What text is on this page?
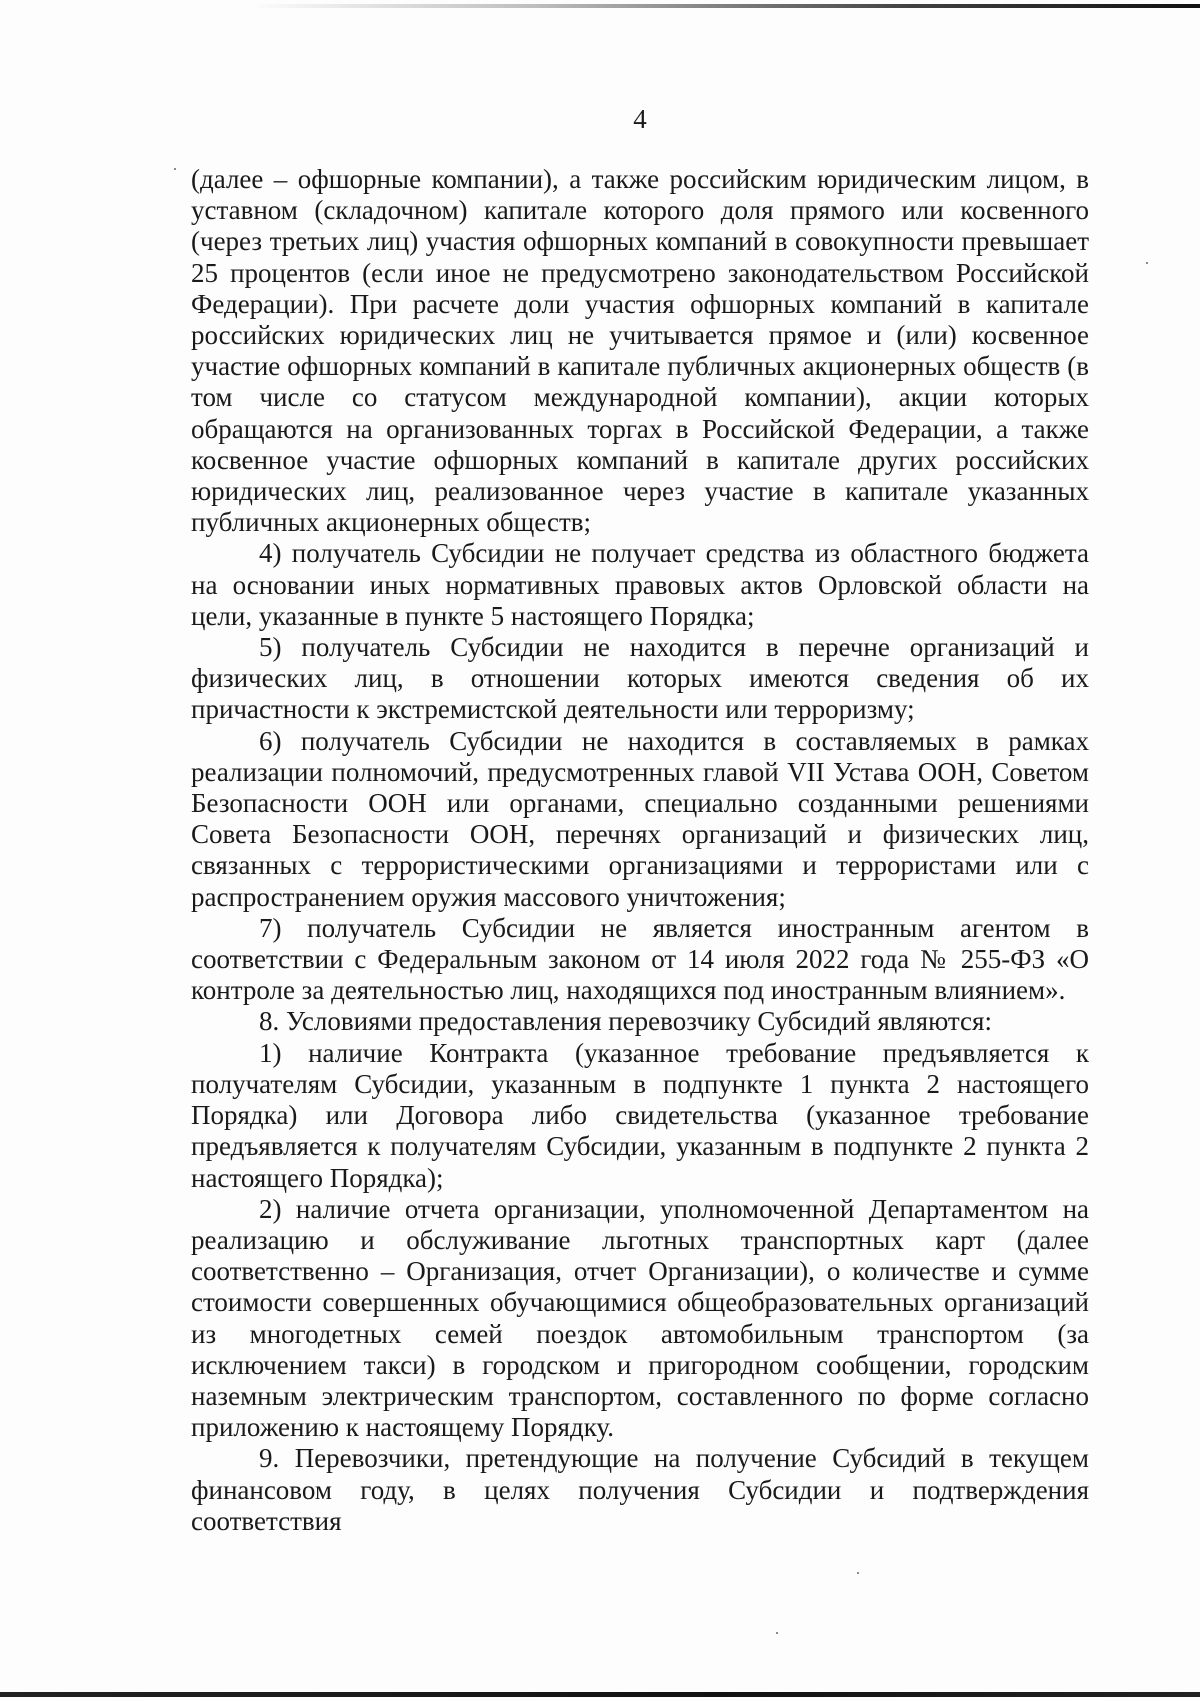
4

(далее – офшорные компании), а также российским юридическим лицом, в уставном (складочном) капитале которого доля прямого или косвенного (через третьих лиц) участия офшорных компаний в совокупности превышает 25 процентов (если иное не предусмотрено законодательством Российской Федерации). При расчете доли участия офшорных компаний в капитале российских юридических лиц не учитывается прямое и (или) косвенное участие офшорных компаний в капитале публичных акционерных обществ (в том числе со статусом международной компании), акции которых обращаются на организованных торгах в Российской Федерации, а также косвенное участие офшорных компаний в капитале других российских юридических лиц, реализованное через участие в капитале указанных публичных акционерных обществ;

4) получатель Субсидии не получает средства из областного бюджета на основании иных нормативных правовых актов Орловской области на цели, указанные в пункте 5 настоящего Порядка;

5) получатель Субсидии не находится в перечне организаций и физических лиц, в отношении которых имеются сведения об их причастности к экстремистской деятельности или терроризму;

6) получатель Субсидии не находится в составляемых в рамках реализации полномочий, предусмотренных главой VII Устава ООН, Советом Безопасности ООН или органами, специально созданными решениями Совета Безопасности ООН, перечнях организаций и физических лиц, связанных с террористическими организациями и террористами или с распространением оружия массового уничтожения;

7) получатель Субсидии не является иностранным агентом в соответствии с Федеральным законом от 14 июля 2022 года № 255-ФЗ «О контроле за деятельностью лиц, находящихся под иностранным влиянием».

8. Условиями предоставления перевозчику Субсидий являются:

1) наличие Контракта (указанное требование предъявляется к получателям Субсидии, указанным в подпункте 1 пункта 2 настоящего Порядка) или Договора либо свидетельства (указанное требование предъявляется к получателям Субсидии, указанным в подпункте 2 пункта 2 настоящего Порядка);

2) наличие отчета организации, уполномоченной Департаментом на реализацию и обслуживание льготных транспортных карт (далее соответственно – Организация, отчет Организации), о количестве и сумме стоимости совершенных обучающимися общеобразовательных организаций из многодетных семей поездок автомобильным транспортом (за исключением такси) в городском и пригородном сообщении, городским наземным электрическим транспортом, составленного по форме согласно приложению к настоящему Порядку.

9. Перевозчики, претендующие на получение Субсидий в текущем финансовом году, в целях получения Субсидии и подтверждения соответствия
